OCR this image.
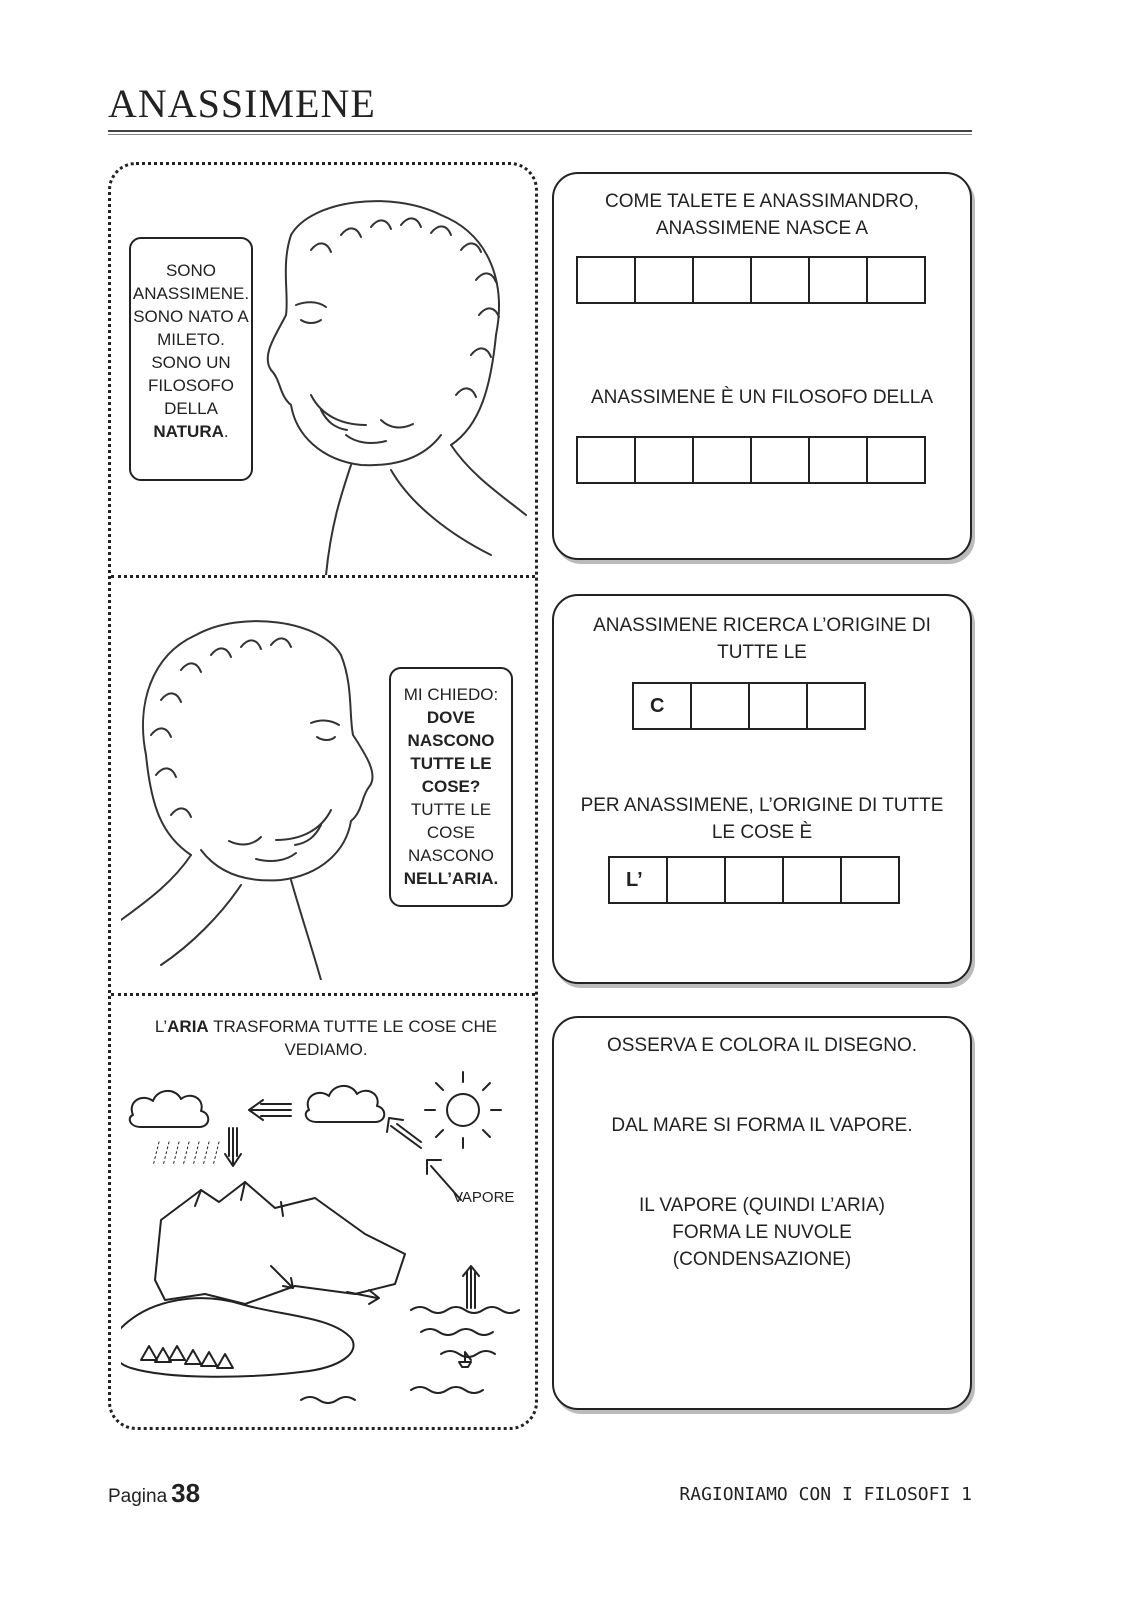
ANASSIMENE
SONO
ANASSIMENE.
SONO NATO A
MILETO.
SONO UN
FILOSOFO
DELLA
NATURA.
MI CHIEDO:
DOVE
NASCONO
TUTTE LE
COSE?
TUTTE LE
COSE
NASCONO
NELL’ARIA.
L’ARIA TRASFORMA TUTTE LE COSE CHE VEDIAMO.
VAPORE
COME TALETE E ANASSIMANDRO, ANASSIMENE NASCE A
ANASSIMENE È UN FILOSOFO DELLA
ANASSIMENE RICERCA L’ORIGINE DI TUTTE LE
C
PER ANASSIMENE, L’ORIGINE DI TUTTE LE COSE È
L’
OSSERVA E COLORA IL DISEGNO.
DAL MARE SI FORMA IL VAPORE.
IL VAPORE (QUINDI L’ARIA) FORMA LE NUVOLE (CONDENSAZIONE)
Pagina 38	RAGIONIAMO CON I FILOSOFI 1
